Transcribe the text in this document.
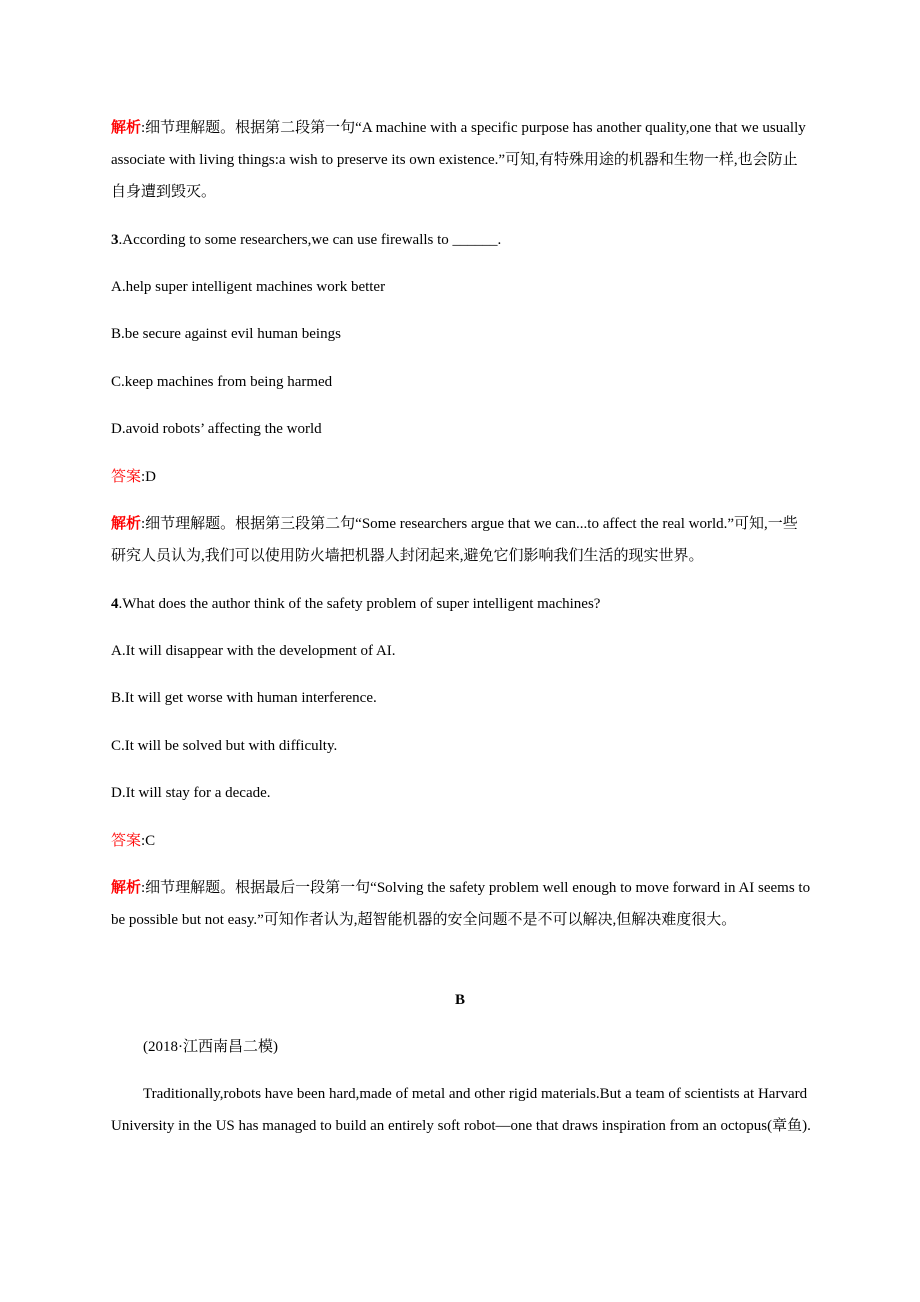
解析:细节理解题。根据第二段第一句“A machine with a specific purpose has another quality,one that we usually associate with living things:a wish to preserve its own existence.”可知,有特殊用途的机器和生物一样,也会防止自身遭到毁灭。

3.According to some researchers,we can use firewalls to ______.

A.help super intelligent machines work better

B.be secure against evil human beings

C.keep machines from being harmed

D.avoid robots’ affecting the world

答案:D

解析:细节理解题。根据第三段第二句“Some researchers argue that we can...to affect the real world.”可知,一些研究人员认为,我们可以使用防火墙把机器人封闭起来,避免它们影响我们生活的现实世界。

4.What does the author think of the safety problem of super intelligent machines?

A.It will disappear with the development of AI.

B.It will get worse with human interference.

C.It will be solved but with difficulty.

D.It will stay for a decade.

答案:C

解析:细节理解题。根据最后一段第一句“Solving the safety problem well enough to move forward in AI seems to be possible but not easy.”可知作者认为,超智能机器的安全问题不是不可以解决,但解决难度很大。

B

(2018·江西南昌二模)

Traditionally,robots have been hard,made of metal and other rigid materials.But a team of scientists at Harvard University in the US has managed to build an entirely soft robot—one that draws inspiration from an octopus(章鱼).
